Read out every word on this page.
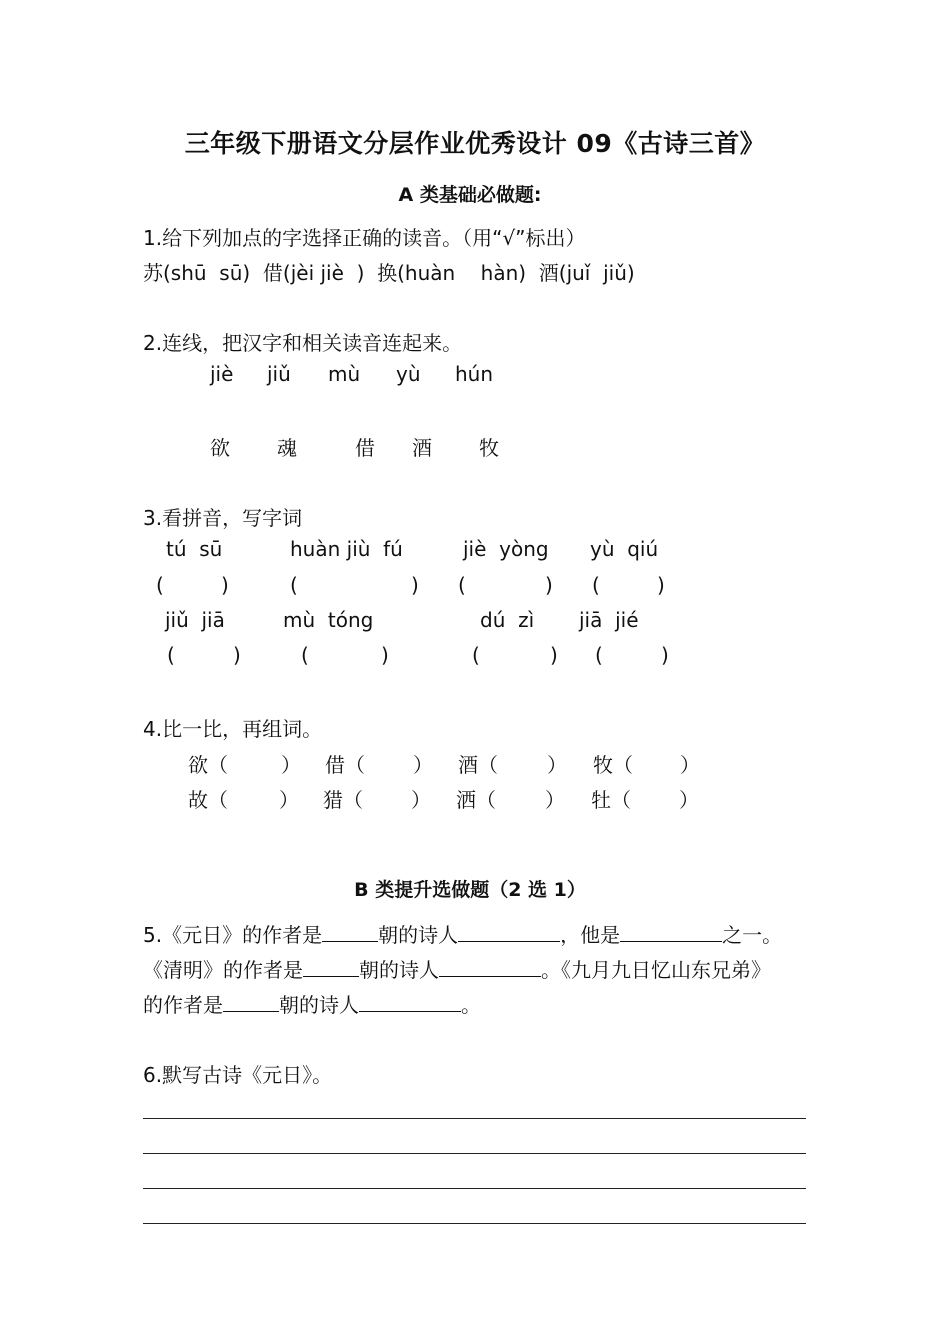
三年级下册语文分层作业优秀设计 09《古诗三首》
A 类基础必做题:
1.给下列加点的字选择正确的读音。（用“√”标出）
苏(shū  sū)  借(jèi jiè  )  换(huàn    hàn)  酒(juǐ  jiǔ)
2.连线，把汉字和相关读音连起来。
jiè jiǔ mù yù hún
欲 魂	借 酒 牧
3.看拼音，写字词
tú  sū	huàn jiù  fú	jiè  yòng yù  qiú
(	)	(	) (	) (	)
jiǔ  jiā	mù  tóng	dú  zì jiā  jié
(	)	(	)	(	) (	)
4.比一比，再组词。
欲（	） 借（ ） 酒（ ） 牧（ ）
故（	） 猎（ ） 洒（ ） 牡（ ）
B 类提升选做题（2 选 1）
5.《元日》的作者是	朝的诗人	，他是	之一。
《清明》的作者是	朝的诗人	。《九月九日忆山东兄弟》
的作者是	朝的诗人	。
6.默写古诗《元日》。
